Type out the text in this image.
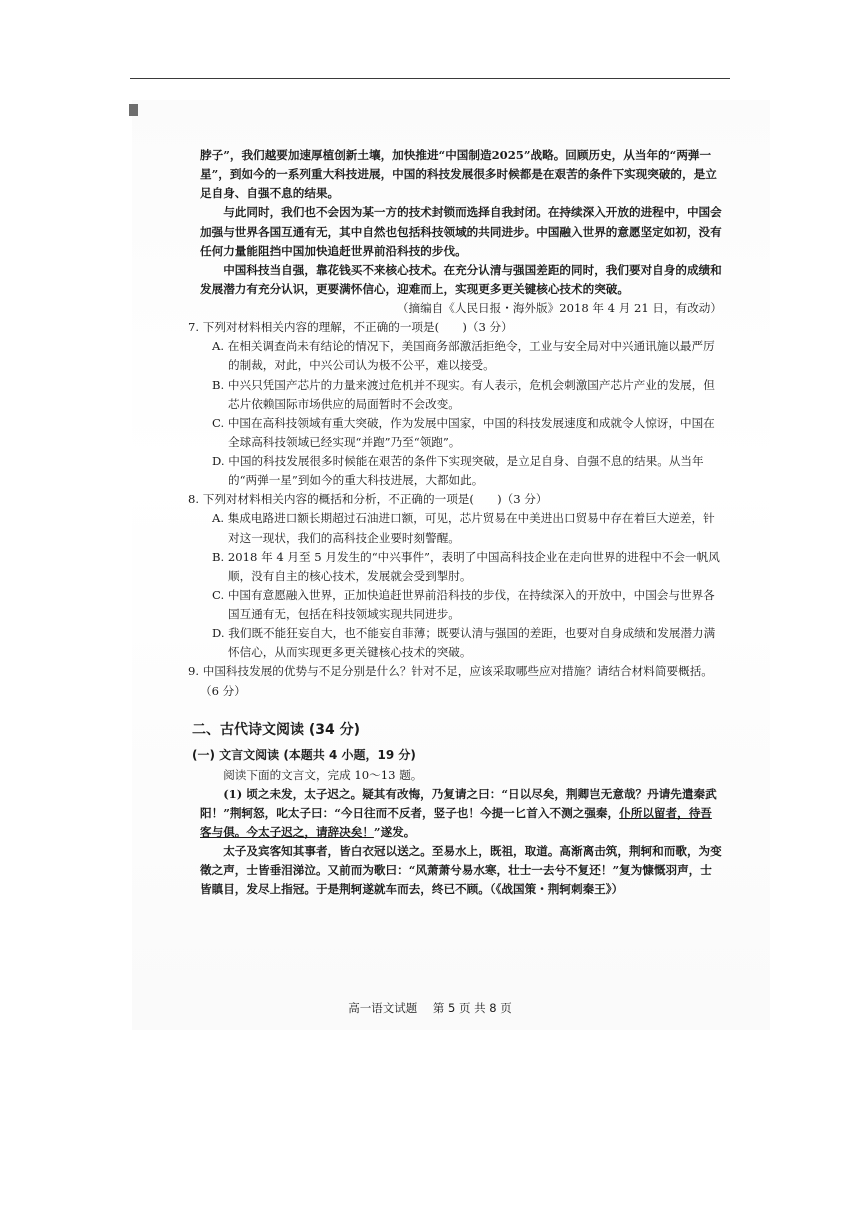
脖子”，我们越要加速厚植创新土壤，加快推进“中国制造2025”战略。回顾历史，从当年的“两弹一星”，到如今的一系列重大科技进展，中国的科技发展很多时候都是在艰苦的条件下实现突破的，是立足自身、自强不息的结果。

与此同时，我们也不会因为某一方的技术封锁而选择自我封闭。在持续深入开放的进程中，中国会加强与世界各国互通有无，其中自然也包括科技领域的共同进步。中国融入世界的意愿坚定如初，没有任何力量能阻挡中国加快追赶世界前沿科技的步伐。

中国科技当自强，靠花钱买不来核心技术。在充分认清与强国差距的同时，我们要对自身的成绩和发展潜力有充分认识，更要满怀信心，迎难而上，实现更多更关键核心技术的突破。

（摘编自《人民日报・海外版》2018 年 4 月 21 日，有改动）

7. 下列对材料相关内容的理解，不正确的一项是(　　)（3 分）

A. 在相关调查尚未有结论的情况下，美国商务部激活拒绝令，工业与安全局对中兴通讯施以最严厉的制裁，对此，中兴公司认为极不公平，难以接受。

B. 中兴只凭国产芯片的力量来渡过危机并不现实。有人表示，危机会刺激国产芯片产业的发展，但芯片依赖国际市场供应的局面暂时不会改变。

C. 中国在高科技领域有重大突破，作为发展中国家，中国的科技发展速度和成就令人惊讶，中国在全球高科技领域已经实现“并跑”乃至“领跑”。

D. 中国的科技发展很多时候能在艰苦的条件下实现突破，是立足自身、自强不息的结果。从当年的“两弹一星”到如今的重大科技进展，大都如此。

8. 下列对材料相关内容的概括和分析，不正确的一项是(　　)（3 分）

A. 集成电路进口额长期超过石油进口额，可见，芯片贸易在中美进出口贸易中存在着巨大逆差，针对这一现状，我们的高科技企业要时刻警醒。

B. 2018 年 4 月至 5 月发生的“中兴事件”，表明了中国高科技企业在走向世界的进程中不会一帆风顺，没有自主的核心技术，发展就会受到掣肘。

C. 中国有意愿融入世界，正加快追赶世界前沿科技的步伐，在持续深入的开放中，中国会与世界各国互通有无，包括在科技领域实现共同进步。

D. 我们既不能狂妄自大，也不能妄自菲薄；既要认清与强国的差距，也要对自身成绩和发展潜力满怀信心，从而实现更多更关键核心技术的突破。

9. 中国科技发展的优势与不足分别是什么？针对不足，应该采取哪些应对措施？请结合材料简要概括。（6 分）

二、古代诗文阅读 (34 分)

(一) 文言文阅读 (本题共 4 小题，19 分)

阅读下面的文言文，完成 10～13 题。

(1) 顷之未发，太子迟之。疑其有改悔，乃复请之曰：“日以尽矣，荆卿岂无意哉？丹请先遣秦武阳！”荆轲怒，叱太子曰：“今日往而不反者，竖子也！今提一匕首入不测之强秦，仆所以留者，待吾客与俱。今太子迟之，请辞决矣！”遂发。

太子及宾客知其事者，皆白衣冠以送之。至易水上，既祖，取道。高渐离击筑，荆轲和而歌，为变徵之声，士皆垂泪涕泣。又前而为歌曰：“风萧萧兮易水寒，壮士一去兮不复还！”复为慷慨羽声，士皆瞋目，发尽上指冠。于是荆轲遂就车而去，终已不顾。（《战国策・荆轲刺秦王》）

高一语文试题 第 5 页 共 8 页
